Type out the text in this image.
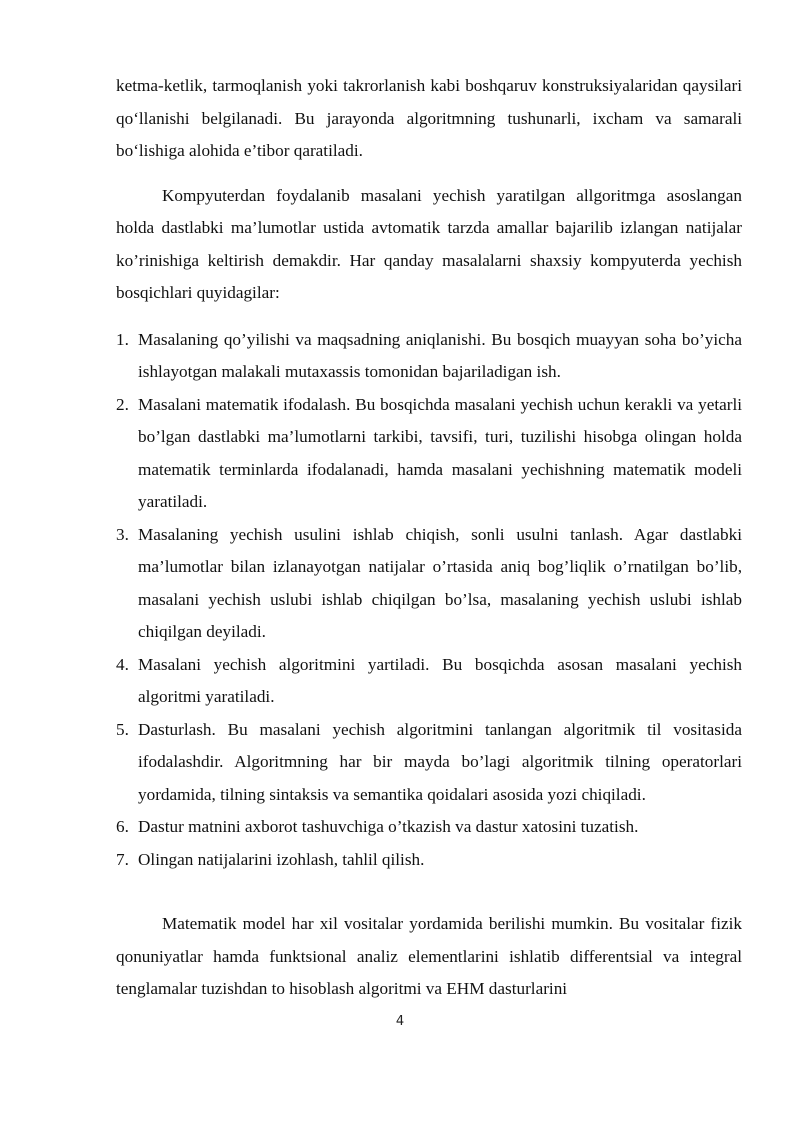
ketma-ketlik, tarmoqlanish yoki takrorlanish kabi boshqaruv konstruksiyalaridan qaysilari qo‘llanishi belgilanadi. Bu jarayonda algoritmning tushunarli, ixcham va samarali bo‘lishiga alohida e’tibor qaratiladi.

Kompyuterdan foydalanib masalani yechish yaratilgan allgoritmga asoslangan holda dastlabki ma’lumotlar ustida avtomatik tarzda amallar bajarilib izlangan natijalar ko’rinishiga keltirish demakdir. Har qanday masalalarni shaxsiy kompyuterda yechish bosqichlari quyidagilar:

1. Masalaning qo’yilishi va maqsadning aniqlanishi. Bu bosqich muayyan soha bo’yicha ishlayotgan malakali mutaxassis tomonidan bajariladigan ish.
2. Masalani matematik ifodalash. Bu bosqichda masalani yechish uchun kerakli va yetarli bo’lgan dastlabki ma’lumotlarni tarkibi, tavsifi, turi, tuzilishi hisobga olingan holda matematik terminlarda ifodalanadi, hamda masalani yechishning matematik modeli yaratiladi.
3. Masalaning yechish usulini ishlab chiqish, sonli usulni tanlash. Agar dastlabki ma’lumotlar bilan izlanayotgan natijalar o’rtasida aniq bog’liqlik o’rnatilgan bo’lib, masalani yechish uslubi ishlab chiqilgan bo’lsa, masalaning yechish uslubi ishlab chiqilgan deyiladi.
4. Masalani yechish algoritmini yartiladi. Bu bosqichda asosan masalani yechish algoritmi yaratiladi.
5. Dasturlash. Bu masalani yechish algoritmini tanlangan algoritmik til vositasida ifodalashdir. Algoritmning har bir mayda bo’lagi algoritmik tilning operatorlari yordamida, tilning sintaksis va semantika qoidalari asosida yozi chiqiladi.
6. Dastur matnini axborot tashuvchiga o’tkazish va dastur xatosini tuzatish.
7. Olingan natijalarini izohlash, tahlil qilish.

Matematik model har xil vositalar yordamida berilishi mumkin. Bu vositalar fizik qonuniyatlar hamda funktsional analiz elementlarini ishlatib differentsial va integral tenglamalar tuzishdan to hisoblash algoritmi va EHM dasturlarini

4
